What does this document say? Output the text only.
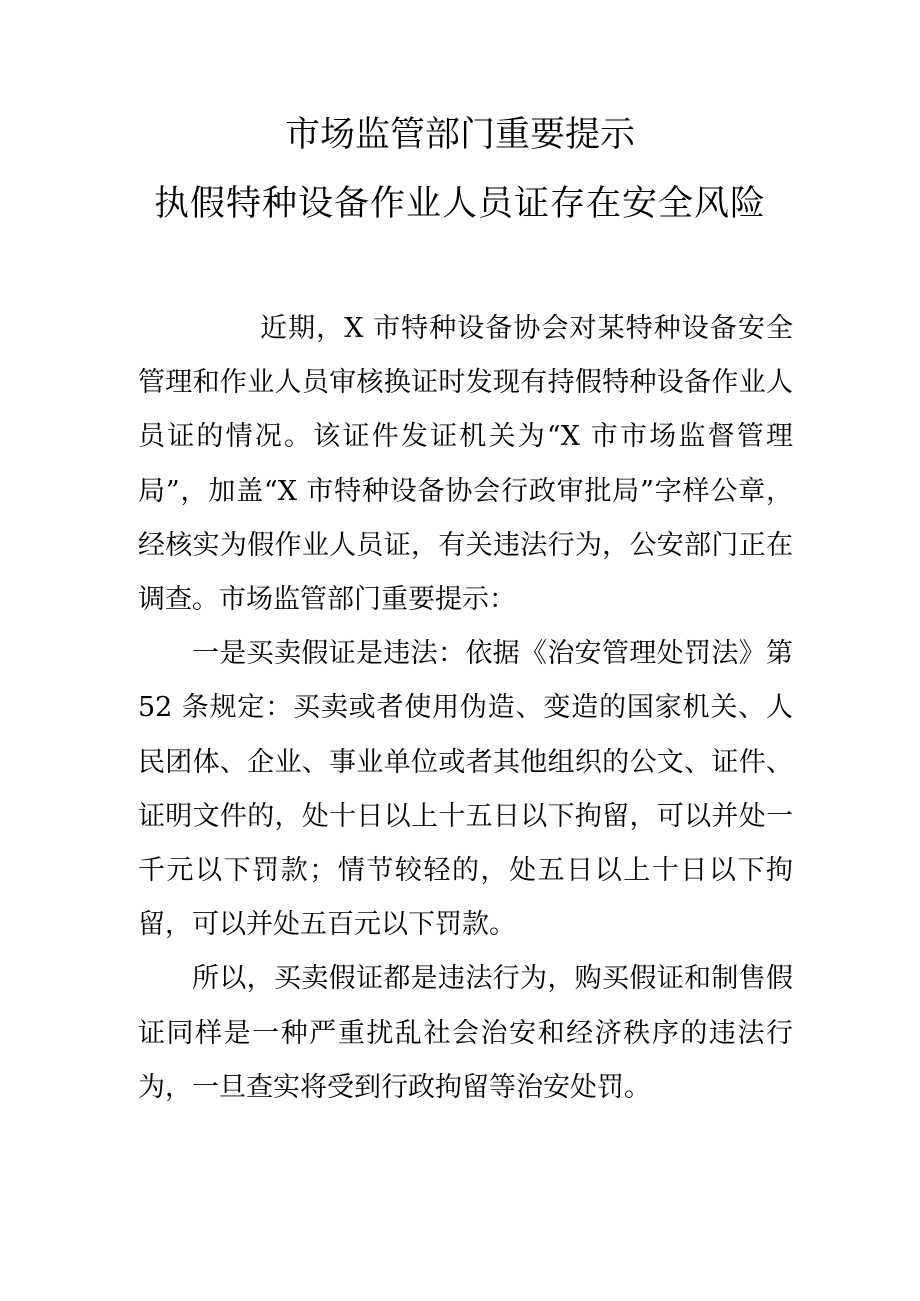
市场监管部门重要提示
执假特种设备作业人员证存在安全风险

近期，X 市特种设备协会对某特种设备安全管理和作业人员审核换证时发现有持假特种设备作业人员证的情况。该证件发证机关为“X 市市场监督管理局”，加盖“X 市特种设备协会行政审批局”字样公章，经核实为假作业人员证，有关违法行为，公安部门正在调查。市场监管部门重要提示：

一是买卖假证是违法：依据《治安管理处罚法》第 52 条规定：买卖或者使用伪造、变造的国家机关、人民团体、企业、事业单位或者其他组织的公文、证件、证明文件的，处十日以上十五日以下拘留，可以并处一千元以下罚款；情节较轻的，处五日以上十日以下拘留，可以并处五百元以下罚款。

所以，买卖假证都是违法行为，购买假证和制售假证同样是一种严重扰乱社会治安和经济秩序的违法行为，一旦查实将受到行政拘留等治安处罚。
